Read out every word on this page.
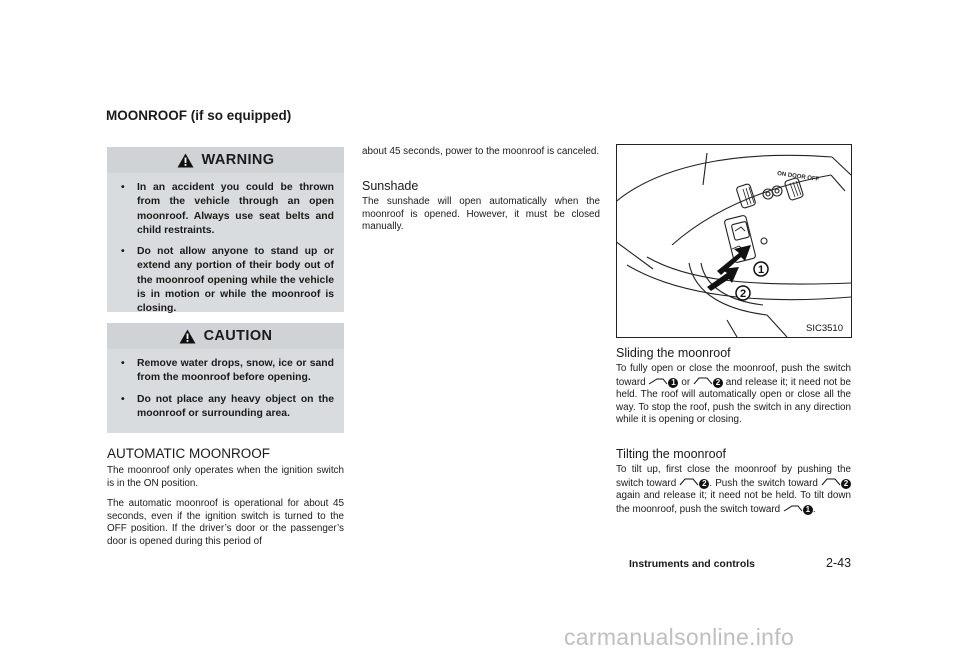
MOONROOF (if so equipped)
WARNING
• In an accident you could be thrown from the vehicle through an open moonroof. Always use seat belts and child restraints.
• Do not allow anyone to stand up or extend any portion of their body out of the moonroof opening while the vehicle is in motion or while the moonroof is closing.
CAUTION
• Remove water drops, snow, ice or sand from the moonroof before opening.
• Do not place any heavy object on the moonroof or surrounding area.
AUTOMATIC MOONROOF

The moonroof only operates when the ignition switch is in the ON position.

The automatic moonroof is operational for about 45 seconds, even if the ignition switch is turned to the OFF position. If the driver’s door or the passenger’s door is opened during this period of

about 45 seconds, power to the moonroof is canceled.

Sunshade

The sunshade will open automatically when the moonroof is opened. However, it must be closed manually.

ON DOOR OFF
1
2
SIC3510
Sliding the moonroof

To fully open or close the moonroof, push the switch toward	1 or	2 and release it; it need not be held. The roof will automatically open or close all the way. To stop the roof, push the switch in any direction while it is opening or closing.

Tilting the moonroof

To tilt up, first close the moonroof by pushing the switch toward	2 . Push the switch toward	2 again and release it; it need not be held. To tilt down the moonroof, push the switch toward	1 .

Instruments and controls	2-43
carmanualsonline.info
